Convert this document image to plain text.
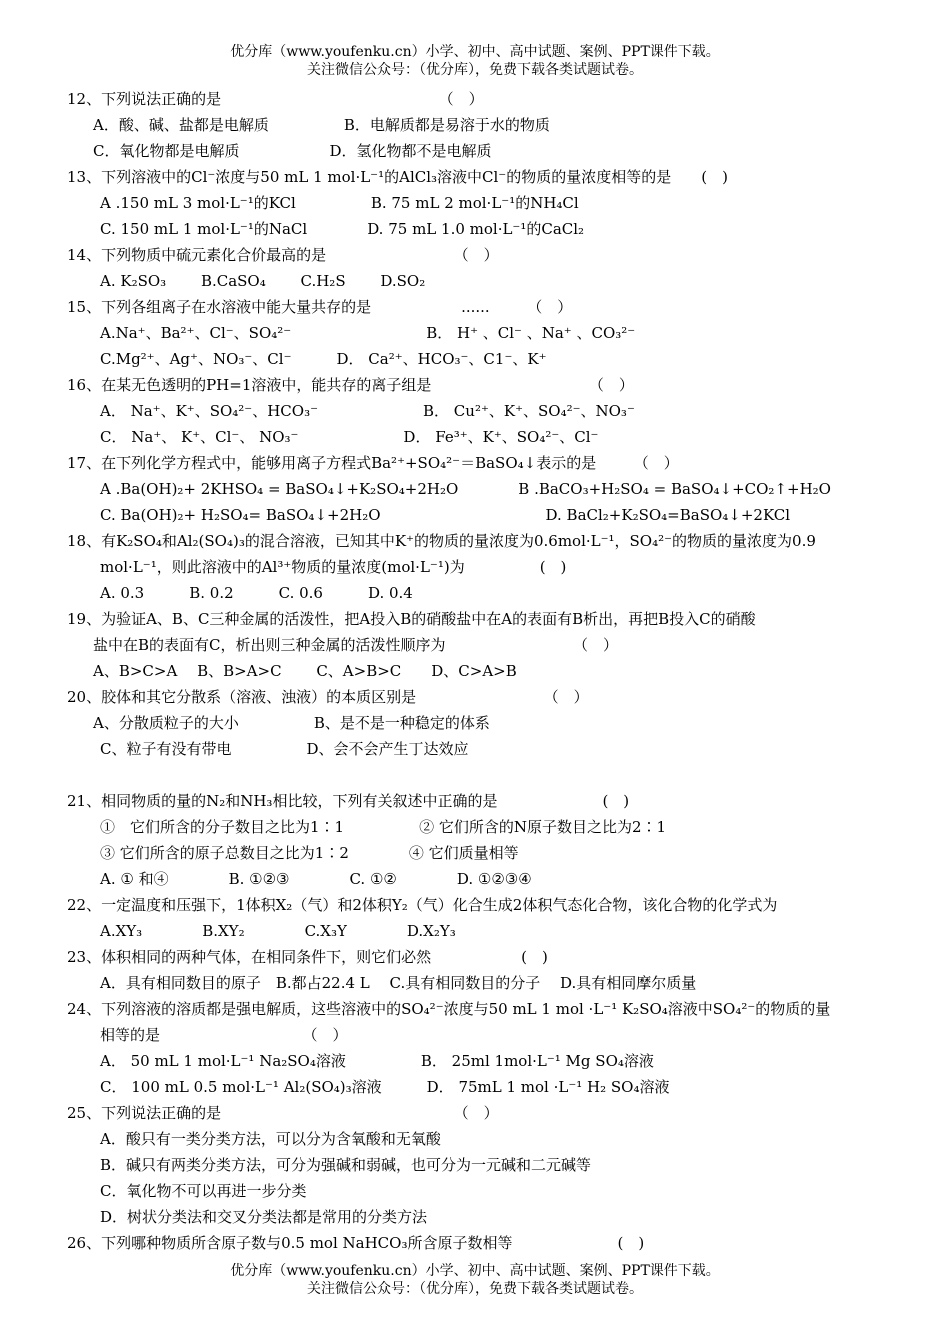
优分库（www.youfenku.cn）小学、初中、高中试题、案例、PPT课件下载。
关注微信公众号：（优分库），免费下载各类试题试卷。
12、下列说法正确的是　　　　　　　　　　　　　　　（　）
A．酸、碱、盐都是电解质　　　　　B．电解质都是易溶于水的物质
C．氧化物都是电解质　　　　　　D．氢化物都不是电解质
13、下列溶液中的Cl⁻浓度与50 mL 1 mol·L⁻¹的AlCl₃溶液中Cl⁻的物质的量浓度相等的是　　(　)
A .150 mL 3 mol·L⁻¹的KCl　　　　　B. 75 mL 2 mol·L⁻¹的NH₄Cl
C. 150 mL 1 mol·L⁻¹的NaCl　　　　D. 75 mL 1.0 mol·L⁻¹的CaCl₂
14、下列物质中硫元素化合价最高的是　　　　　　　　　（　）
A. K₂SO₃　　 B.CaSO₄　　 C.H₂S　　 D.SO₂
15、下列各组离子在水溶液中能大量共存的是　　　　　　......　　　（　）
A.Na⁺、Ba²⁺、Cl⁻、SO₄²⁻　　　　　　　　　B． H⁺ 、Cl⁻ 、Na⁺ 、CO₃²⁻
C.Mg²⁺、Ag⁺、NO₃⁻、Cl⁻　　　D． Ca²⁺、HCO₃⁻、C1⁻、K⁺
16、在某无色透明的PH=1溶液中，能共存的离子组是　　　　　　　　　　　（　）
A． Na⁺、K⁺、SO₄²⁻、HCO₃⁻　　　　　　　B． Cu²⁺、K⁺、SO₄²⁻、NO₃⁻
C． Na⁺、 K⁺、Cl⁻、 NO₃⁻　　　　　　　D． Fe³⁺、K⁺、SO₄²⁻、Cl⁻
17、在下列化学方程式中，能够用离子方程式Ba²⁺+SO₄²⁻＝BaSO₄↓表示的是　　　（　）
A .Ba(OH)₂+ 2KHSO₄ = BaSO₄↓+K₂SO₄+2H₂O　　　　B .BaCO₃+H₂SO₄ = BaSO₄↓+CO₂↑+H₂O
C. Ba(OH)₂+ H₂SO₄= BaSO₄↓+2H₂O　　　　　　　　　　　D. BaCl₂+K₂SO₄=BaSO₄↓+2KCl
18、有K₂SO₄和Al₂(SO₄)₃的混合溶液，已知其中K⁺的物质的量浓度为0.6mol·L⁻¹，SO₄²⁻的物质的量浓度为0.9
mol·L⁻¹，则此溶液中的Al³⁺物质的量浓度(mol·L⁻¹)为　　　　　(　)
A. 0.3　　　B. 0.2　　　C. 0.6　　　D. 0.4
19、为验证A、B、C三种金属的活泼性，把A投入B的硝酸盐中在A的表面有B析出，再把B投入C的硝酸
盐中在B的表面有C，析出则三种金属的活泼性顺序为　　　　　　　　　（　）
A、B>C>A　 B、B>A>C　　 C、A>B>C　　D、C>A>B
20、胶体和其它分散系（溶液、浊液）的本质区别是　　　　　　　　　（　）
A、分散质粒子的大小　　　　　B、是不是一种稳定的体系
C、粒子有没有带电　　　　　D、会不会产生丁达效应
21、相同物质的量的N₂和NH₃相比较，下列有关叙述中正确的是　　　　　　　(　)
①　它们所含的分子数目之比为1∶1　　　　　② 它们所含的N原子数目之比为2∶1
③ 它们所含的原子总数目之比为1∶2　　　　④ 它们质量相等
A. ① 和④　　　　B. ①②③　　　　C. ①②　　　　D. ①②③④
22、一定温度和压强下，1体积X₂（气）和2体积Y₂（气）化合生成2体积气态化合物，该化合物的化学式为
A.XY₃　　　　B.XY₂　　　　C.X₃Y　　　　D.X₂Y₃
23、体积相同的两种气体，在相同条件下，则它们必然　　　　　　(　)
A．具有相同数目的原子　B.都占22.4 L　 C.具有相同数目的分子　 D.具有相同摩尔质量
24、下列溶液的溶质都是强电解质，这些溶液中的SO₄²⁻浓度与50 mL 1 mol ·L⁻¹ K₂SO₄溶液中SO₄²⁻的物质的量
相等的是　　　　　　　　　　（　）
A． 50 mL 1 mol·L⁻¹ Na₂SO₄溶液　　　　　B． 25ml 1mol·L⁻¹ Mg SO₄溶液
C． 100 mL 0.5 mol·L⁻¹ Al₂(SO₄)₃溶液　　　D． 75mL 1 mol ·L⁻¹ H₂ SO₄溶液
25、下列说法正确的是　　　　　　　　　　　　　　　　（　）
A．酸只有一类分类方法，可以分为含氧酸和无氧酸
B．碱只有两类分类方法，可分为强碱和弱碱，也可分为一元碱和二元碱等
C．氧化物不可以再进一步分类
D．树状分类法和交叉分类法都是常用的分类方法
26、下列哪种物质所含原子数与0.5 mol NaHCO₃所含原子数相等　　　　　　　(　)
优分库（www.youfenku.cn）小学、初中、高中试题、案例、PPT课件下载。
关注微信公众号：（优分库），免费下载各类试题试卷。
